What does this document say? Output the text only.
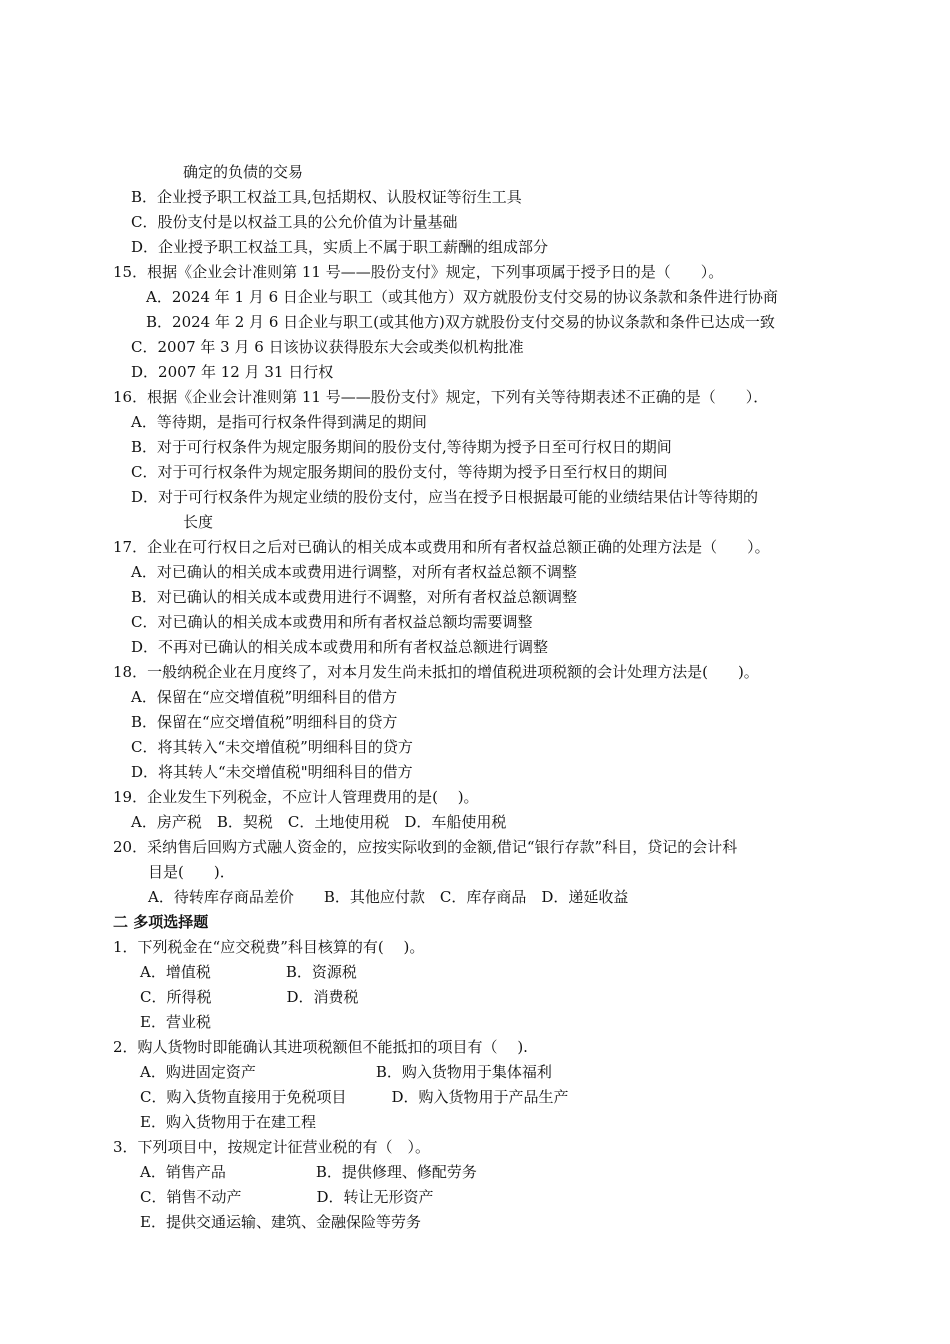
确定的负债的交易
B．企业授予职工权益工具,包括期权、认股权证等衍生工具
C．股份支付是以权益工具的公允价值为计量基础
D．企业授予职工权益工具，实质上不属于职工薪酬的组成部分
15．根据《企业会计准则第 11 号——股份支付》规定，下列事项属于授予日的是（　　）。
A．2024 年 1 月 6 日企业与职工（或其他方）双方就股份支付交易的协议条款和条件进行协商
B．2024 年 2 月 6 日企业与职工(或其他方)双方就股份支付交易的协议条款和条件已达成一致
C．2007 年 3 月 6 日该协议获得股东大会或类似机构批准
D．2007 年 12 月 31 日行权
16．根据《企业会计准则第 11 号——股份支付》规定，下列有关等待期表述不正确的是（　　）．
A．等待期，是指可行权条件得到满足的期间
B．对于可行权条件为规定服务期间的股份支付,等待期为授予日至可行权日的期间
C．对于可行权条件为规定服务期间的股份支付，等待期为授予日至行权日的期间
D．对于可行权条件为规定业绩的股份支付，应当在授予日根据最可能的业绩结果估计等待期的
长度
17．企业在可行权日之后对已确认的相关成本或费用和所有者权益总额正确的处理方法是（　　）。
A．对已确认的相关成本或费用进行调整，对所有者权益总额不调整
B．对已确认的相关成本或费用进行不调整，对所有者权益总额调整
C．对已确认的相关成本或费用和所有者权益总额均需要调整
D．不再对已确认的相关成本或费用和所有者权益总额进行调整
18．一般纳税企业在月度终了，对本月发生尚未抵扣的增值税进项税额的会计处理方法是(　　)。
A．保留在“应交增值税”明细科目的借方
B．保留在“应交增值税”明细科目的贷方
C．将其转入“未交增值税”明细科目的贷方
D．将其转人“未交增值税"明细科目的借方
19．企业发生下列税金，不应计人管理费用的是(　 )。
A．房产税　B．契税　C．土地使用税　D．车船使用税
20．采纳售后回购方式融人资金的，应按实际收到的金额,借记“银行存款”科目，贷记的会计科
目是(　　)．
A．待转库存商品差价　　B．其他应付款　C．库存商品　D．递延收益
二 多项选择题
1．下列税金在“应交税费”科目核算的有(　 )。
A．增值税　　　　　B．资源税
C．所得税　　　　　D．消费税
E．营业税
2．购人货物时即能确认其进项税额但不能抵扣的项目有（　 ).
A．购进固定资产　　　　　　　　B．购入货物用于集体福利
C．购入货物直接用于免税项目　　　D．购入货物用于产品生产
E．购入货物用于在建工程
3．下列项目中，按规定计征营业税的有（　）。
A．销售产品　　　　　　B．提供修理、修配劳务
C．销售不动产　　　　　D．转让无形资产
E．提供交通运输、建筑、金融保险等劳务
